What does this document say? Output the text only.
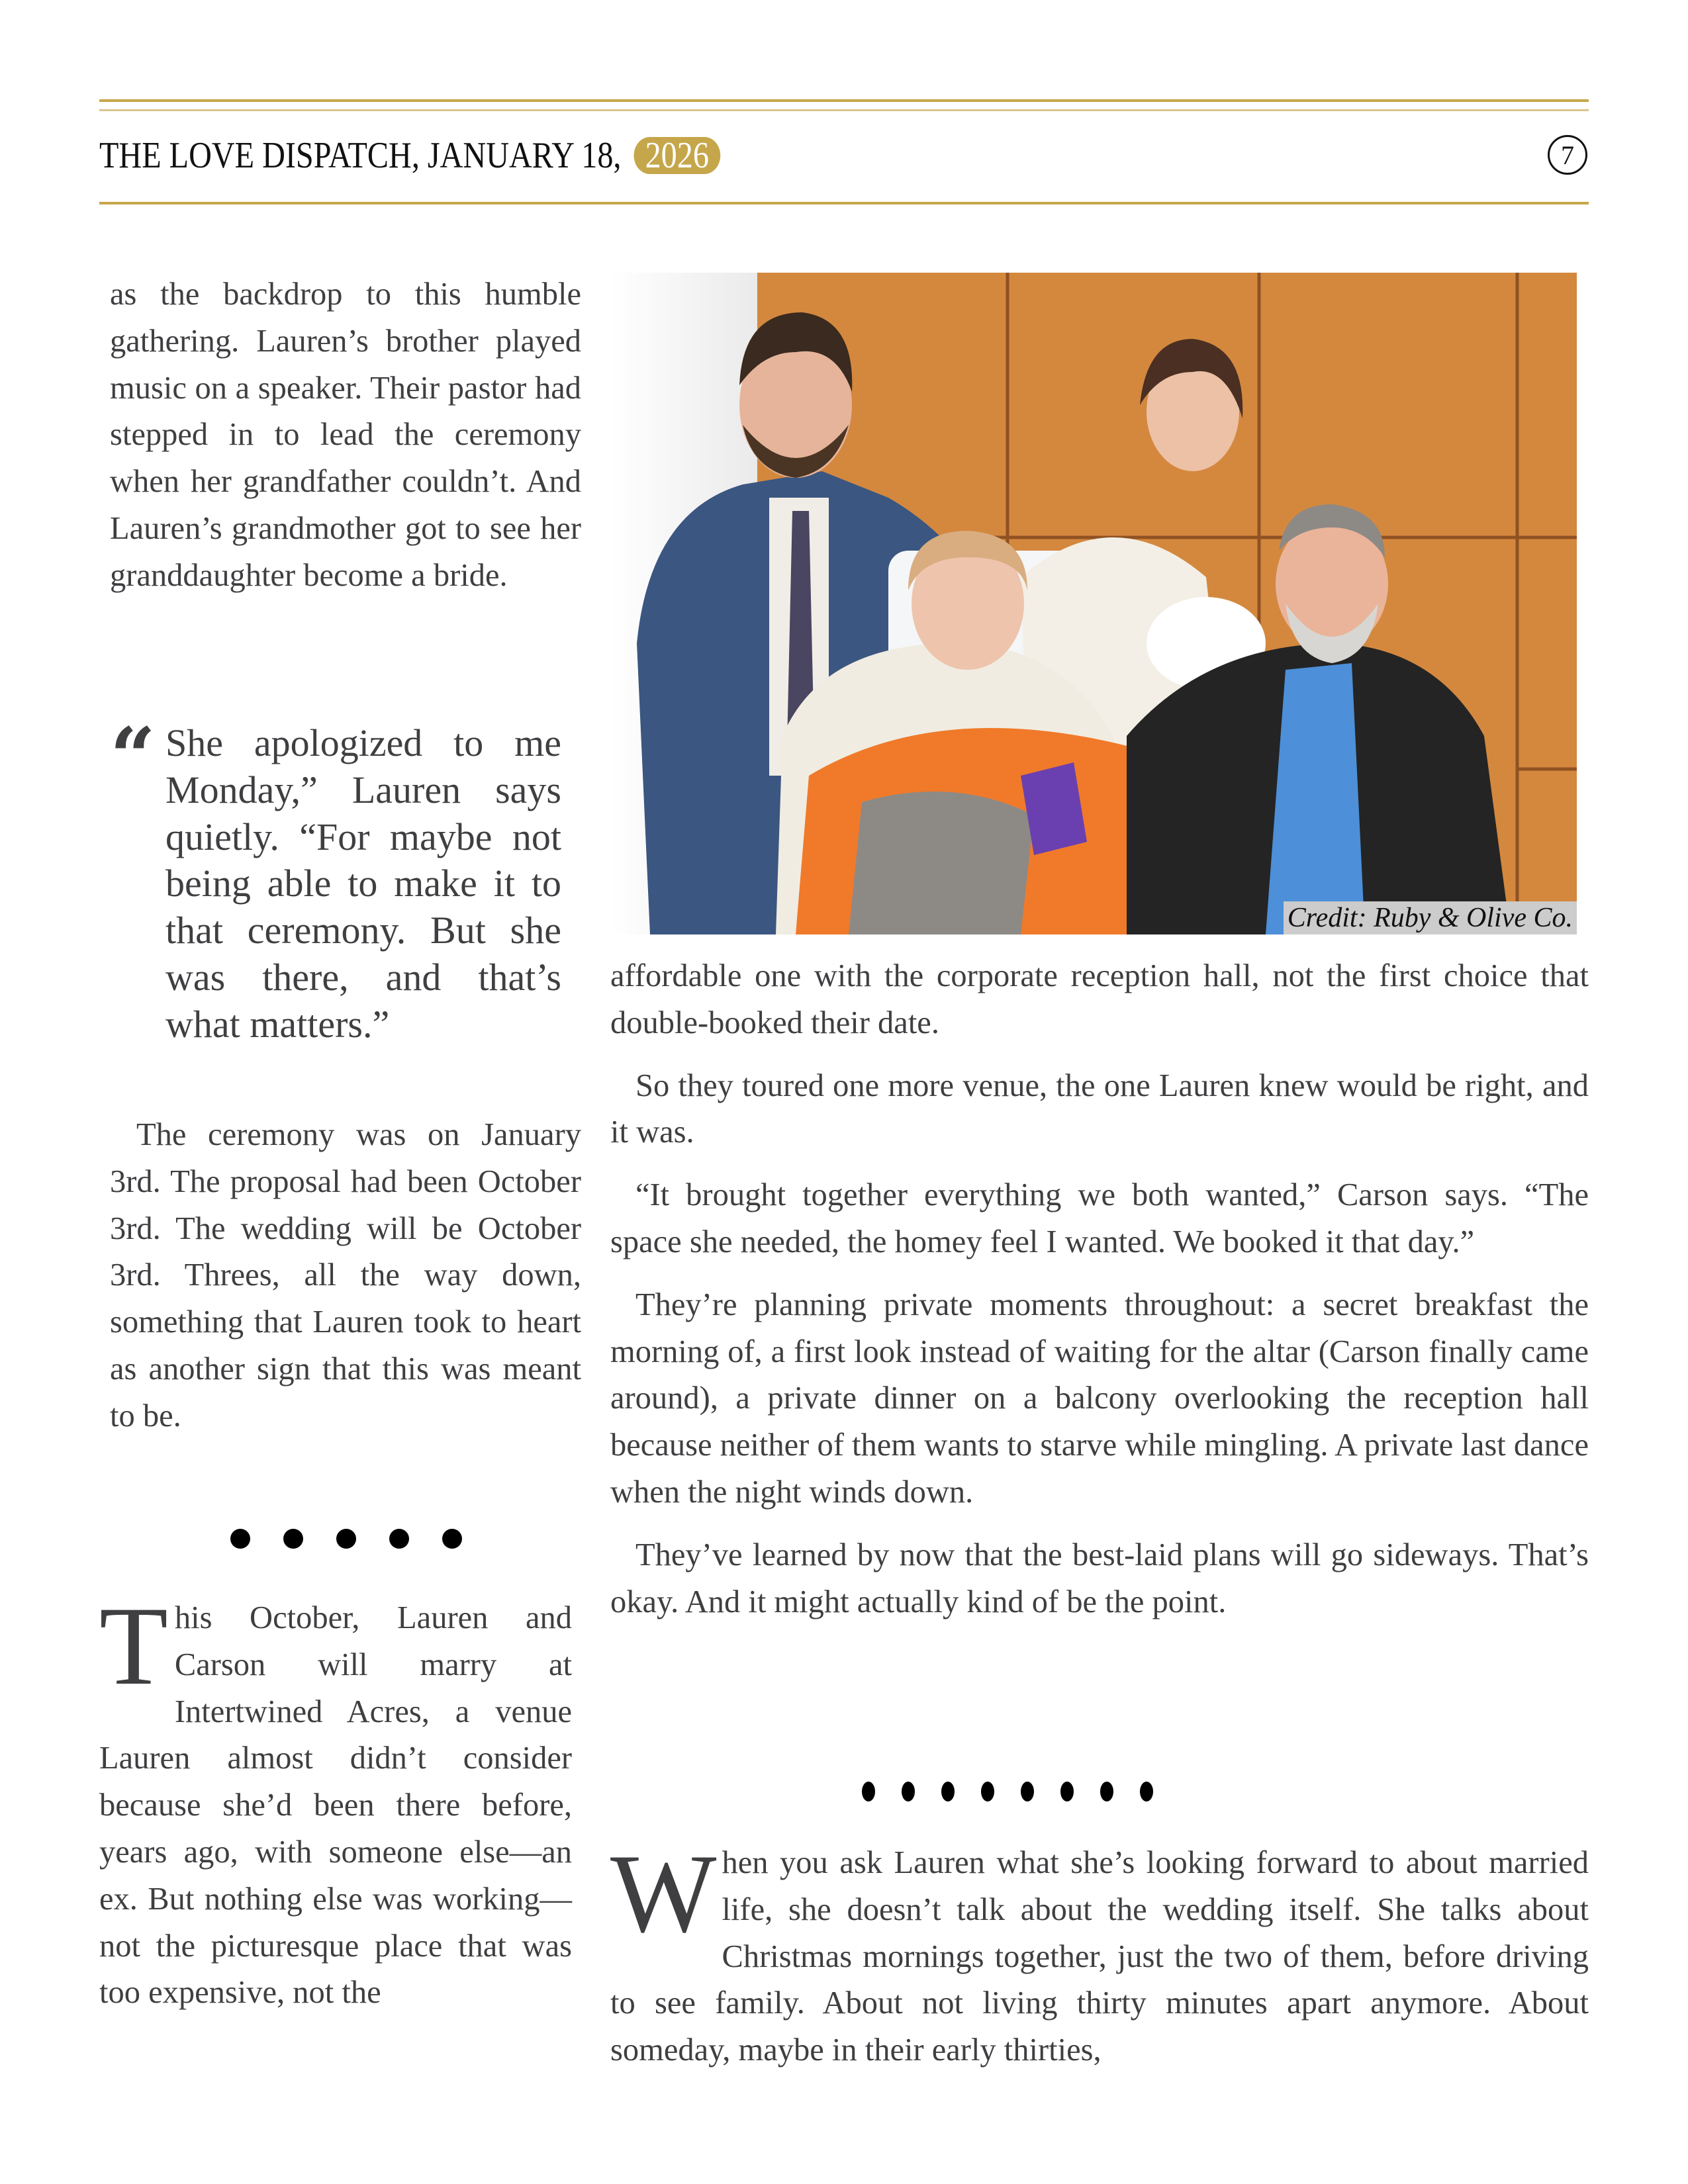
THE LOVE DISPATCH, JANUARY 18, 2026	7

as the backdrop to this humble gathering. Lauren’s brother played music on a speaker. Their pastor had stepped in to lead the ceremony when her grandfather couldn’t. And Lauren’s grandmother got to see her granddaughter become a bride.

“ She apologized to me Monday,” Lauren says quietly. “For maybe not being able to make it to that ceremony. But she was there, and that’s what matters.”

The ceremony was on January 3rd. The proposal had been October 3rd. The wedding will be October 3rd. Threes, all the way down, something that Lauren took to heart as another sign that this was meant to be.

T his October, Lauren and Carson will marry at Intertwined Acres, a venue Lauren almost didn’t consider because she’d been there before, years ago, with someone else—an ex. But nothing else was working—not the picturesque place that was too expensive, not the
Credit: Ruby & Olive Co.

affordable one with the corporate reception hall, not the first choice that double-booked their date.

So they toured one more venue, the one Lauren knew would be right, and it was.

“It brought together everything we both wanted,” Carson says. “The space she needed, the homey feel I wanted. We booked it that day.”

They’re planning private moments throughout: a secret breakfast the morning of, a first look instead of waiting for the altar (Carson finally came around), a private dinner on a balcony overlooking the reception hall because neither of them wants to starve while mingling. A private last dance when the night winds down.

They’ve learned by now that the best-laid plans will go sideways. That’s okay. And it might actually kind of be the point.

W hen you ask Lauren what she’s looking forward to about married life, she doesn’t talk about the wedding itself. She talks about Christmas mornings together, just the two of them, before driving to see family. About not living thirty minutes apart anymore. About someday, maybe in their early thirties,
